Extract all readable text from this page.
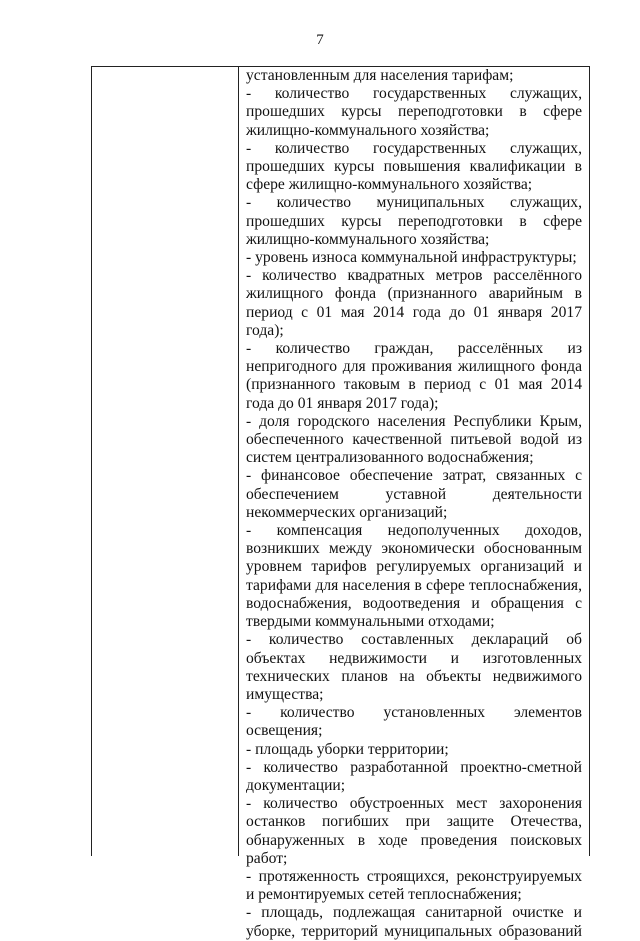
7

установленным для населения тарифам;

- количество государственных служащих, прошедших курсы переподготовки в сфере жилищно-коммунального хозяйства;

- количество государственных служащих, прошедших курсы повышения квалификации в сфере жилищно-коммунального хозяйства;

- количество муниципальных служащих, прошедших курсы переподготовки в сфере жилищно-коммунального хозяйства;

- уровень износа коммунальной инфраструктуры;

- количество квадратных метров расселённого жилищного фонда (признанного аварийным в период с 01 мая 2014 года до 01 января 2017 года);

- количество граждан, расселённых из непригодного для проживания жилищного фонда (признанного таковым в период с 01 мая 2014 года до 01 января 2017 года);

- доля городского населения Республики Крым, обеспеченного качественной питьевой водой из систем централизованного водоснабжения;

- финансовое обеспечение затрат, связанных с обеспечением уставной деятельности некоммерческих организаций;

- компенсация недополученных доходов, возникших между экономически обоснованным уровнем тарифов регулируемых организаций и тарифами для населения в сфере теплоснабжения, водоснабжения, водоотведения и обращения с твердыми коммунальными отходами;

- количество составленных деклараций об объектах недвижимости и изготовленных технических планов на объекты недвижимого имущества;

- количество установленных элементов освещения;

- площадь уборки территории;

- количество разработанной проектно-сметной документации;

- количество обустроенных мест захоронения останков погибших при защите Отечества, обнаруженных в ходе проведения поисковых работ;

- протяженность строящихся, реконструируемых и ремонтируемых сетей теплоснабжения;

- площадь, подлежащая санитарной очистке и уборке, территорий муниципальных образований
